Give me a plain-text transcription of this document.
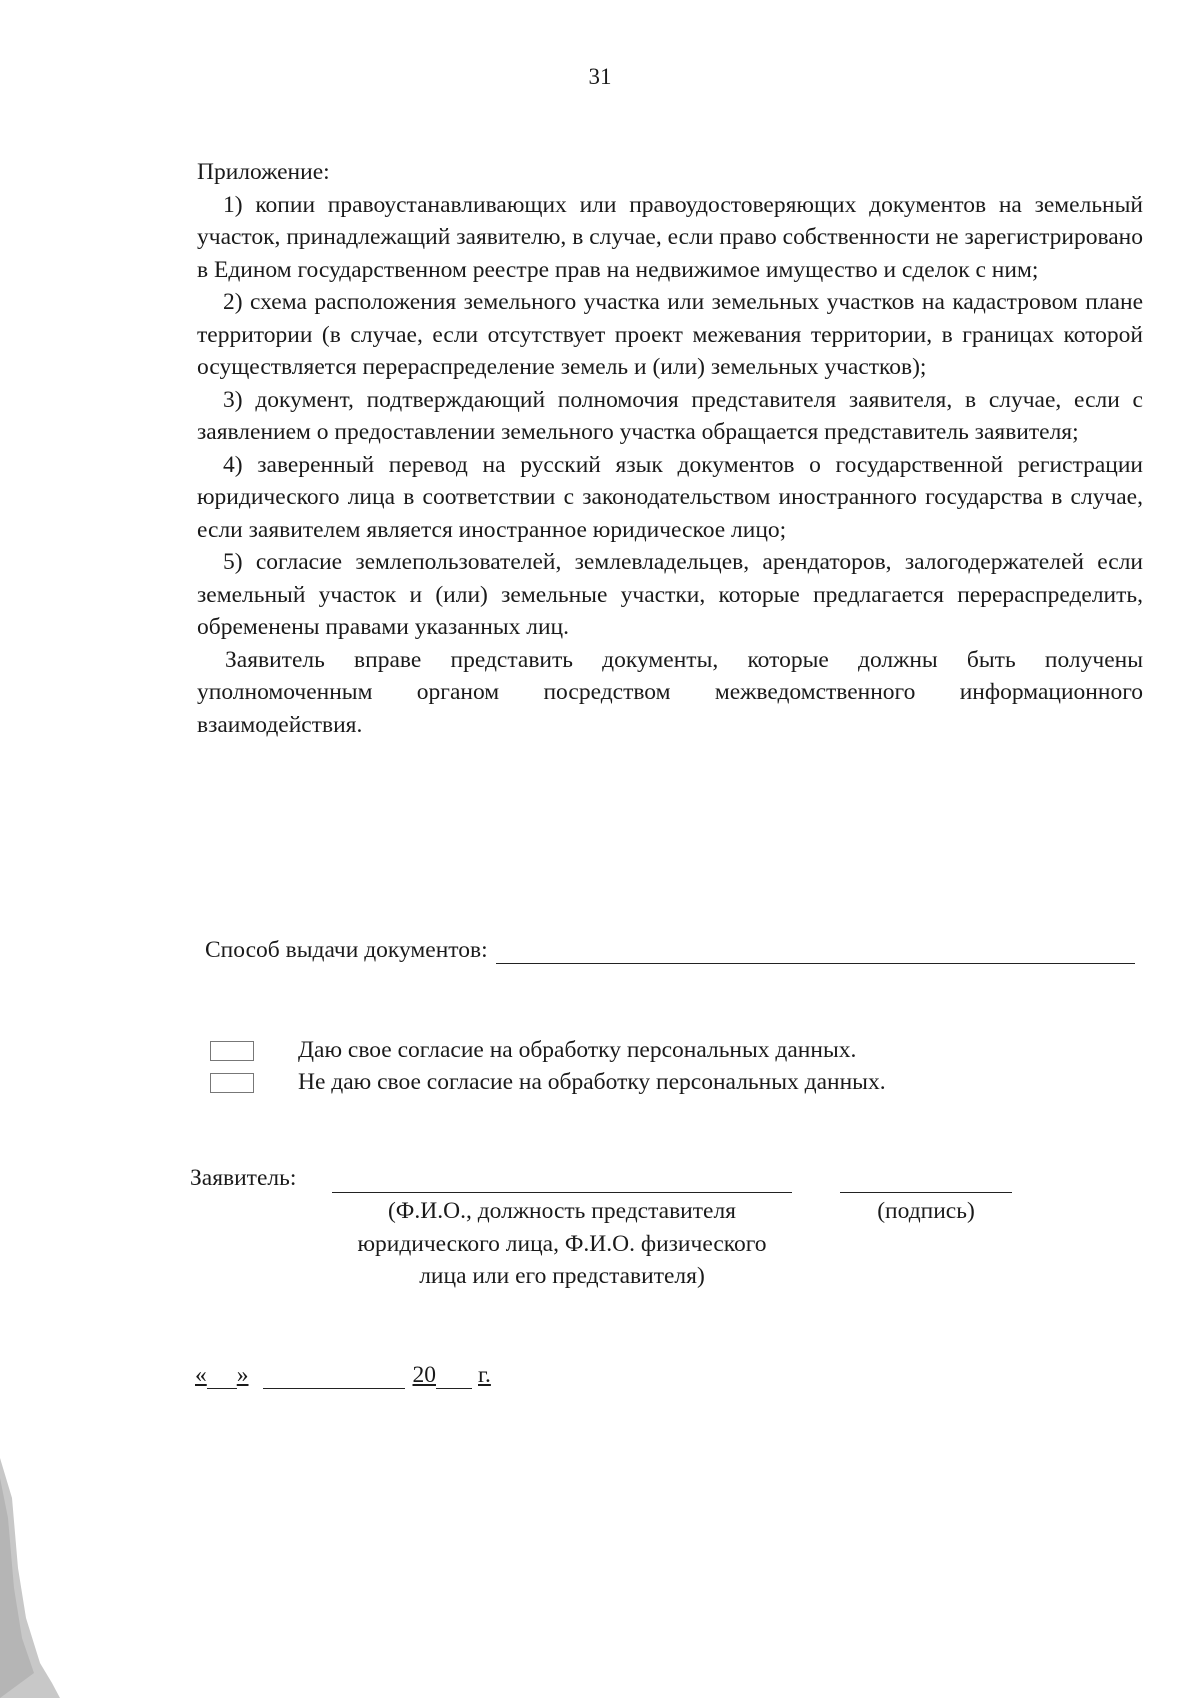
31

Приложение:

1) копии правоустанавливающих или правоудостоверяющих документов на земельный участок, принадлежащий заявителю, в случае, если право собственности не зарегистрировано в Едином государственном реестре прав на недвижимое имущество и сделок с ним;

2) схема расположения земельного участка или земельных участков на кадастровом плане территории (в случае, если отсутствует проект межевания территории, в границах которой осуществляется перераспределение земель и (или) земельных участков);

3) документ, подтверждающий полномочия представителя заявителя, в случае, если с заявлением о предоставлении земельного участка обращается представитель заявителя;

4) заверенный перевод на русский язык документов о государственной регистрации юридического лица в соответствии с законодательством иностранного государства в случае, если заявителем является иностранное юридическое лицо;

5) согласие землепользователей, землевладельцев, арендаторов, залогодержателей если земельный участок и (или) земельные участки, которые предлагается перераспределить, обременены правами указанных лиц.

Заявитель вправе представить документы, которые должны быть получены уполномоченным органом посредством межведомственного информационного взаимодействия.

Способ выдачи документов:
Даю свое согласие на обработку персональных данных.
Не даю свое согласие на обработку персональных данных.
Заявитель:
(Ф.И.О., должность представителя юридического лица, Ф.И.О. физического лица или его представителя)
(подпись)
« »	20 г.
